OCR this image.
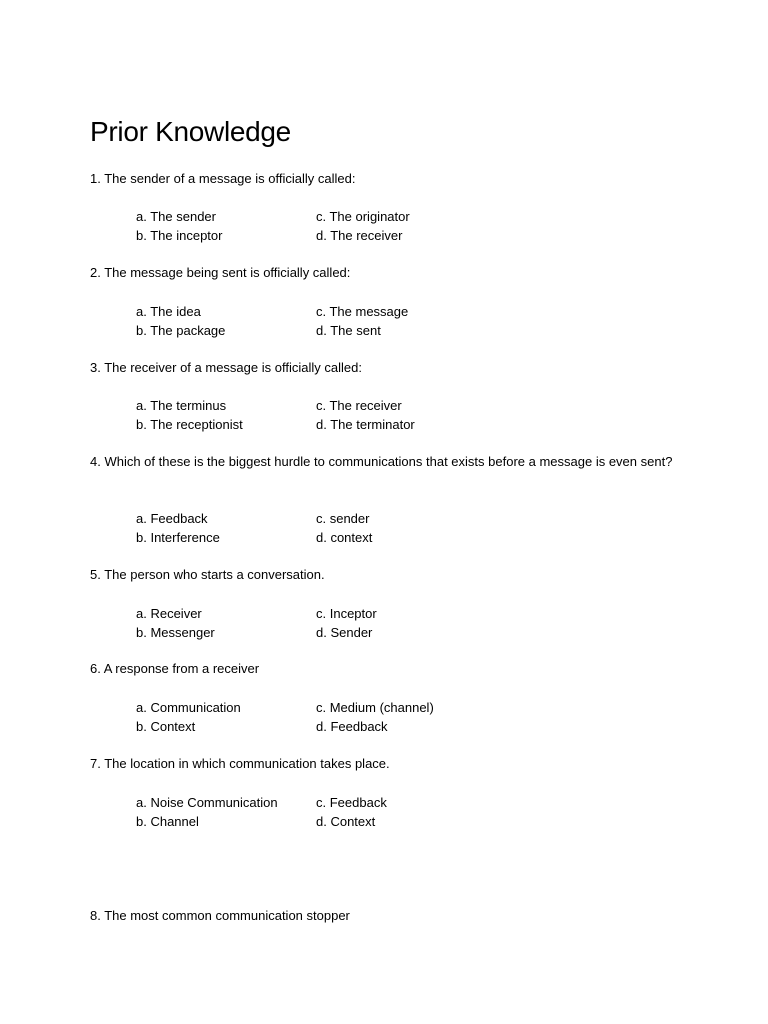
Prior Knowledge

1. The sender of a message is officially called:

a. The sender
b. The inceptor
c. The originator
d. The receiver

2. The message being sent is officially called:

a. The idea
b. The package
c. The message
d. The sent

3. The receiver of a message is officially called:

a. The terminus
b. The receptionist
c. The receiver
d. The terminator

4. Which of these is the biggest hurdle to communications that exists before a message is even sent?

a. Feedback
b. Interference
c. sender
d. context

5. The person who starts a conversation.

a. Receiver
b. Messenger
c. Inceptor
d. Sender

6. A response from a receiver

a. Communication
b. Context
c. Medium (channel)
d. Feedback

7. The location in which communication takes place.

a. Noise Communication
b. Channel
c. Feedback
d. Context

8. The most common communication stopper
